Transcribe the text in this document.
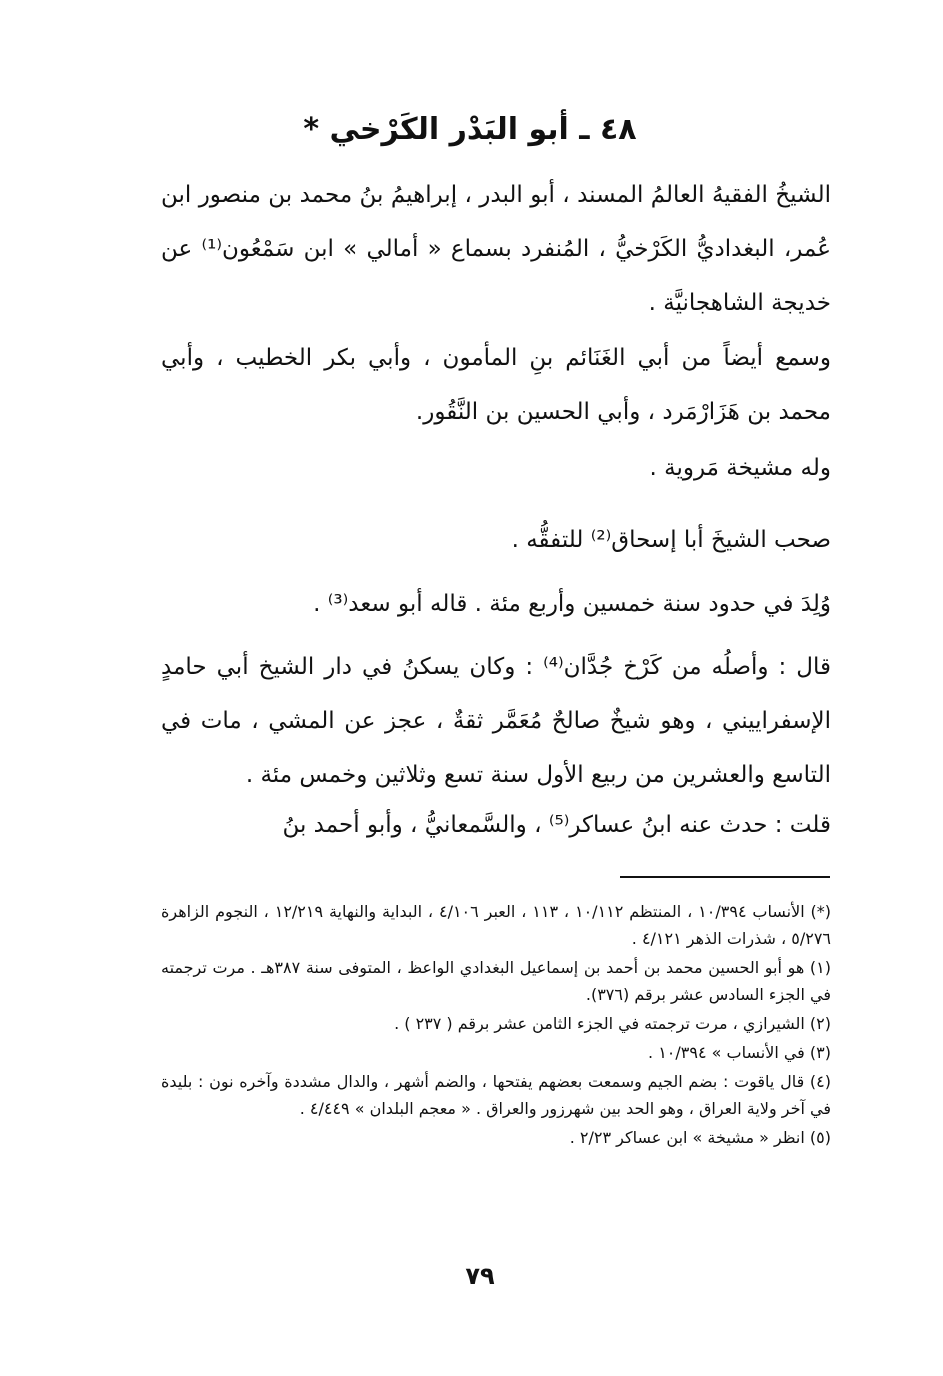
٤٨ ـ أبو البَدْر الكَرْخي *
الشيخُ الفقيهُ العالمُ المسند ، أبو البدر ، إبراهيمُ بنُ محمد بن منصور ابن عُمر، البغداديُّ الكَرْخيُّ ، المُنفرد بسماع « أمالي » ابن سَمْعُون⁽¹⁾ عن خديجة الشاهجانيَّة .
وسمع أيضاً من أبي الغَنَائم بنِ المأمون ، وأبي بكر الخطيب ، وأبي محمد بن هَزَارْمَرد ، وأبي الحسين بن النَّقُور.
وله مشيخة مَروية .
صحب الشيخَ أبا إسحاق⁽²⁾ للتفقُّه .
وُلِدَ في حدود سنة خمسين وأربع مئة . قاله أبو سعد⁽³⁾ .
قال : وأصلُه من كَرْخ جُدَّان⁽⁴⁾ : وكان يسكنُ في دار الشيخ أبي حامدٍ الإسفراييني ، وهو شيخٌ صالحٌ مُعَمَّر ثقةٌ ، عجز عن المشي ، مات في التاسع والعشرين من ربيع الأول سنة تسع وثلاثين وخمس مئة .
قلت : حدث عنه ابنُ عساكر⁽⁵⁾ ، والسَّمعانيُّ ، وأبو أحمد بنُ
(*) الأنساب ١٠/٣٩٤ ، المنتظم ١٠/١١٢ ، ١١٣ ، العبر ٤/١٠٦ ، البداية والنهاية ١٢/٢١٩ ، النجوم الزاهرة ٥/٢٧٦ ، شذرات الذهر ٤/١٢١ .
(١) هو أبو الحسين محمد بن أحمد بن إسماعيل البغدادي الواعظ ، المتوفى سنة ٣٨٧هـ . مرت ترجمته في الجزء السادس عشر برقم (٣٧٦).
(٢) الشيرازي ، مرت ترجمته في الجزء الثامن عشر برقم ( ٢٣٧ ) .
(٣) في الأنساب » ١٠/٣٩٤ .
(٤) قال ياقوت : بضم الجيم وسمعت بعضهم يفتحها ، والضم أشهر ، والدال مشددة وآخره نون : بليدة في آخر ولاية العراق ، وهو الحد بين شهرزور والعراق . « معجم البلدان » ٤/٤٤٩ .
(٥) انظر « مشيخة » ابن عساكر ٢/٢٣ .
٧٩
